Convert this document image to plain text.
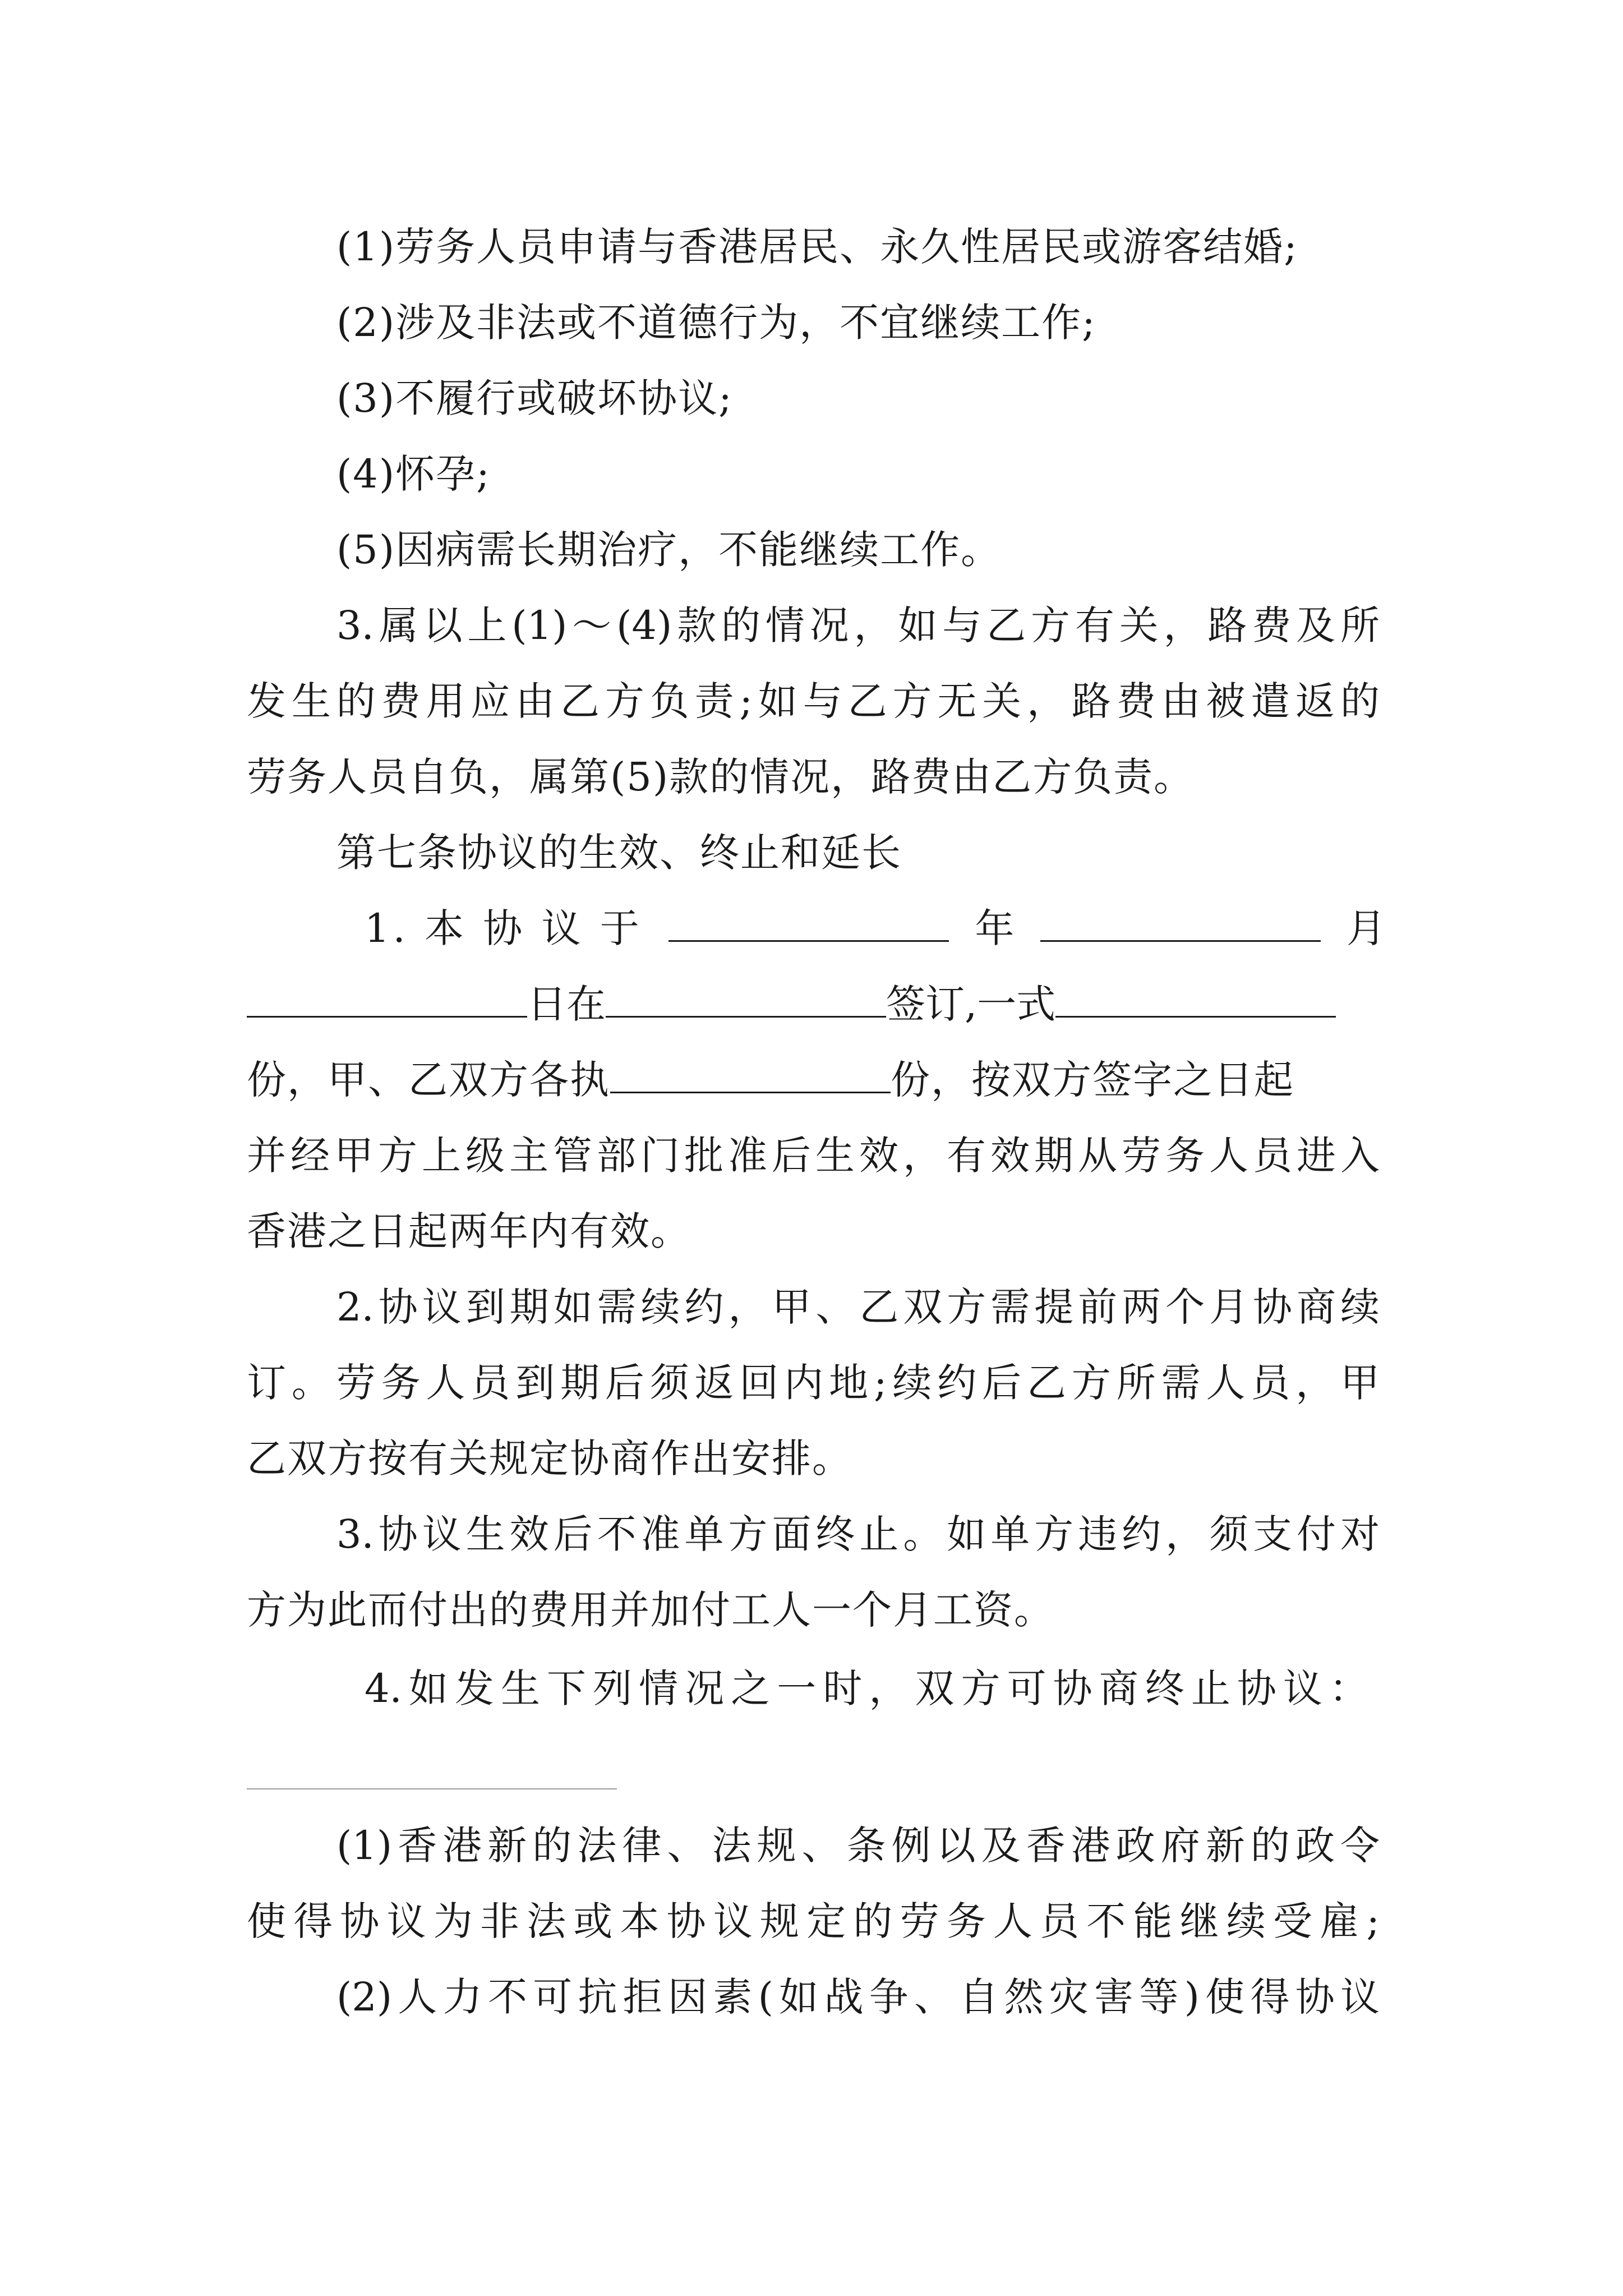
(1)劳务人员申请与香港居民、永久性居民或游客结婚;
(2)涉及非法或不道德行为，不宜继续工作;
(3)不履行或破坏协议;
(4)怀孕;
(5)因病需长期治疗，不能继续工作。
3.属以上(1)～(4)款的情况，如与乙方有关，路费及所
发生的费用应由乙方负责;如与乙方无关，路费由被遣返的
劳务人员自负，属第(5)款的情况，路费由乙方负责。
第七条协议的生效、终止和延长
1. 本 协 议 于	年	月
日在	签订,一式
份，甲、乙双方各执	份，按双方签字之日起
并经甲方上级主管部门批准后生效，有效期从劳务人员进入
香港之日起两年内有效。
2.协议到期如需续约，甲、乙双方需提前两个月协商续
订。劳务人员到期后须返回内地;续约后乙方所需人员，甲
乙双方按有关规定协商作出安排。
3.协议生效后不准单方面终止。如单方违约，须支付对
方为此而付出的费用并加付工人一个月工资。
4.如发生下列情况之一时，双方可协商终止协议：
(1)香港新的法律、法规、条例以及香港政府新的政令
使得协议为非法或本协议规定的劳务人员不能继续受雇;
(2)人力不可抗拒因素(如战争、自然灾害等)使得协议
